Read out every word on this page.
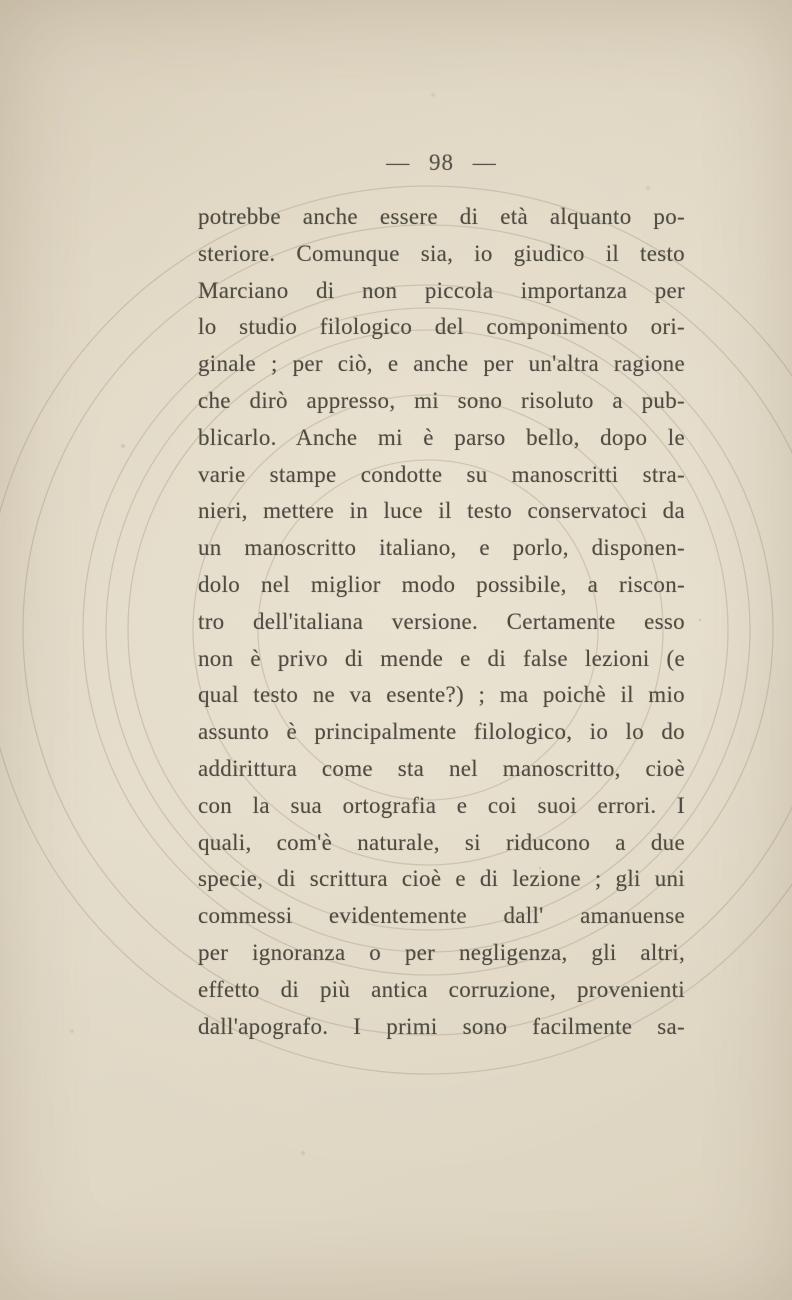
— 98 —
potrebbe anche essere di età alquanto po-
steriore. Comunque sia, io giudico il testo
Marciano di non piccola importanza per
lo studio filologico del componimento ori-
ginale ; per ciò, e anche per un'altra ragione
che dirò appresso, mi sono risoluto a pub-
blicarlo. Anche mi è parso bello, dopo le
varie stampe condotte su manoscritti stra-
nieri, mettere in luce il testo conservatoci da
un manoscritto italiano, e porlo, disponen-
dolo nel miglior modo possibile, a riscon-
tro dell'italiana versione. Certamente esso
non è privo di mende e di false lezioni (e
qual testo ne va esente?) ; ma poichè il mio
assunto è principalmente filologico, io lo do
addirittura come sta nel manoscritto, cioè
con la sua ortografia e coi suoi errori. I
quali, com'è naturale, si riducono a due
specie, di scrittura cioè e di lezione ; gli uni
commessi evidentemente dall' amanuense
per ignoranza o per negligenza, gli altri,
effetto di più antica corruzione, provenienti
dall'apografo. I primi sono facilmente sa-
